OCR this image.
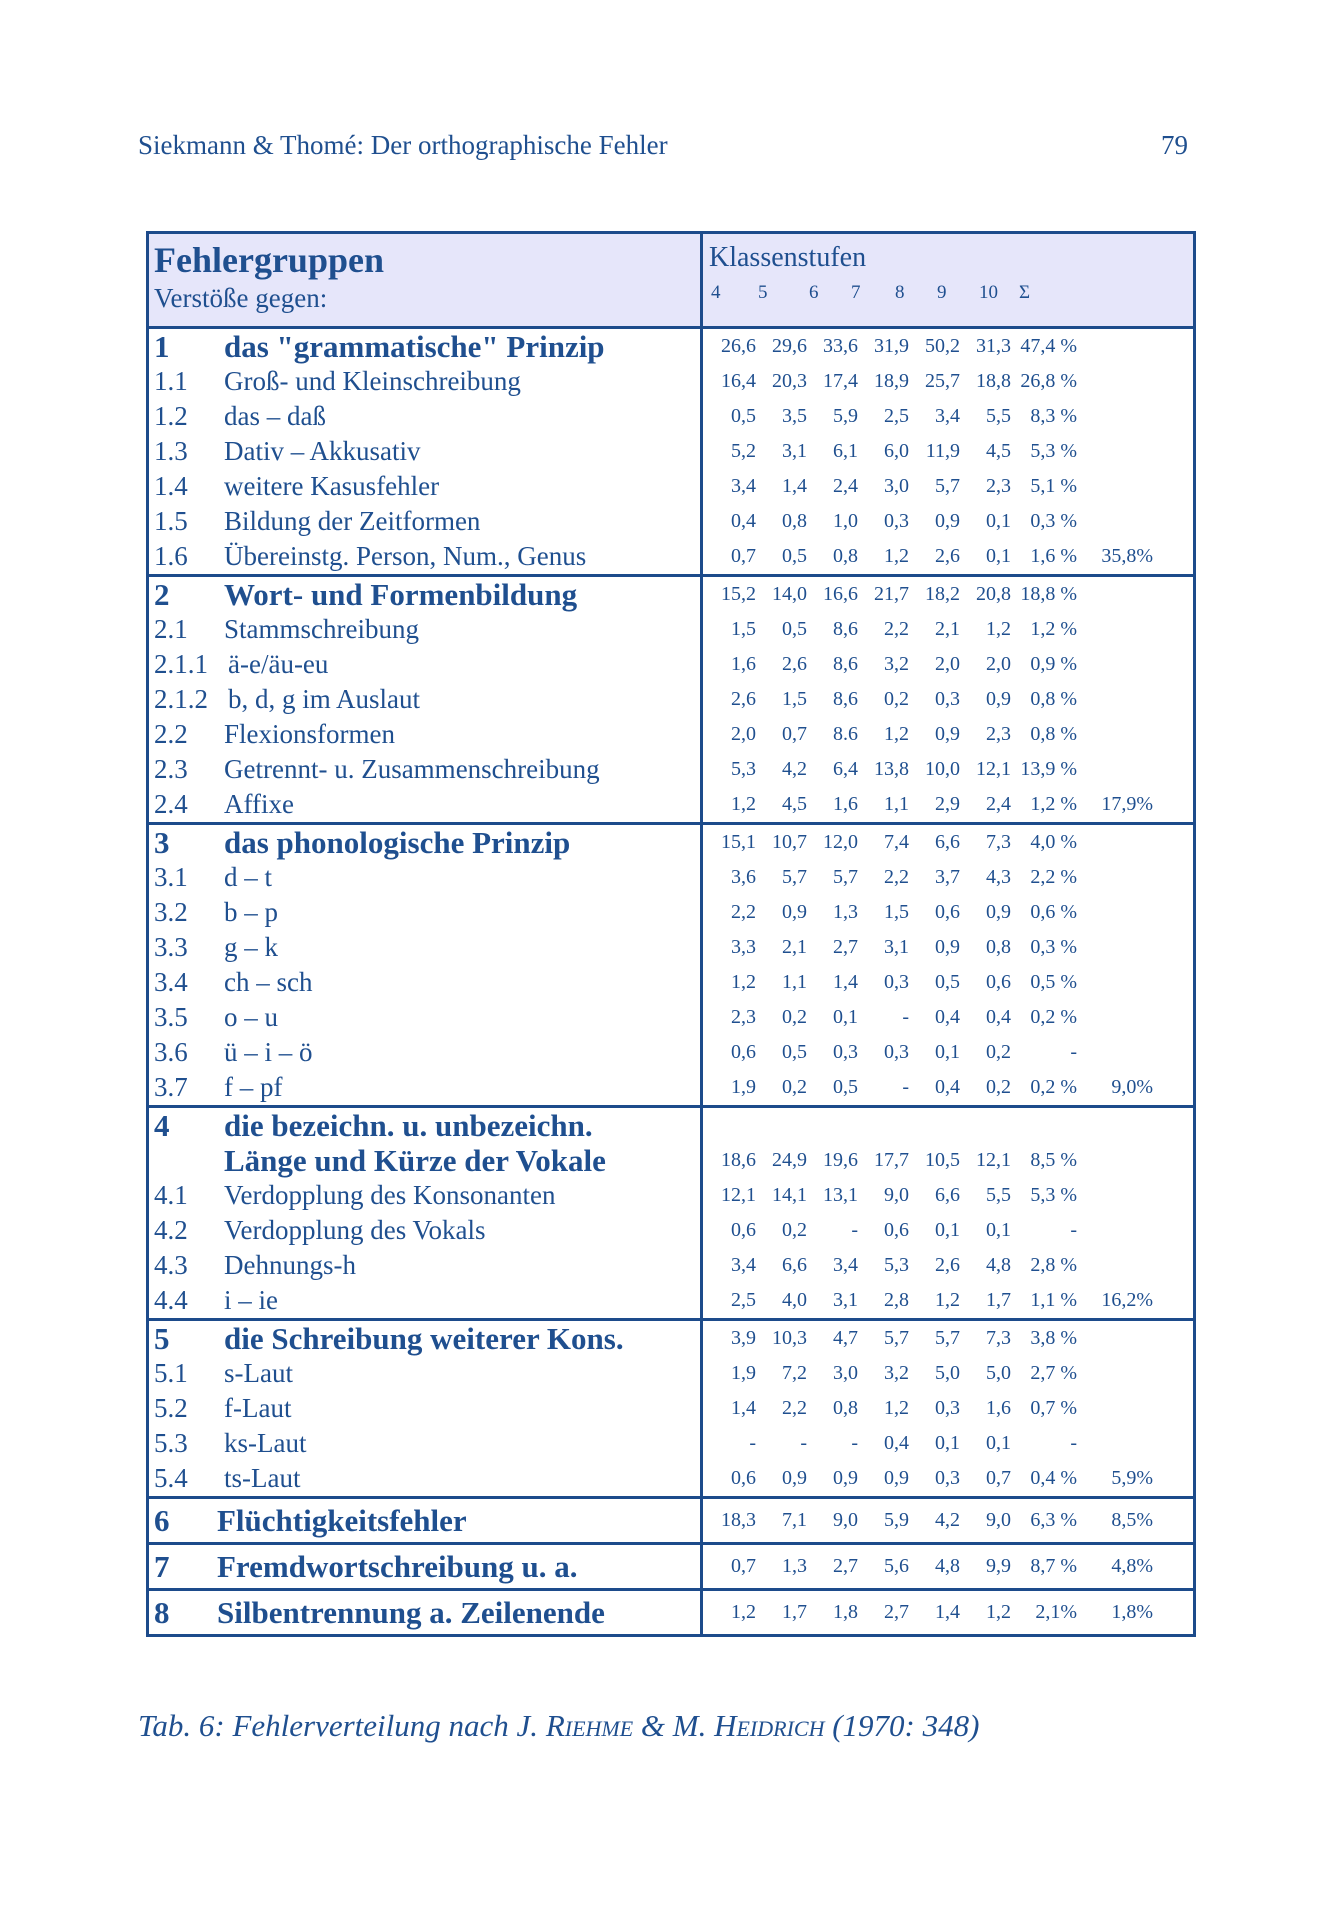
Siekmann & Thomé: Der orthographische Fehler	79
Fehlergruppen
Verstöße gegen:
Klassenstufen
4	5	6	7	8	9	10	Σ
1	das "grammatische" Prinzip	26,6 29,6 33,6 31,9 50,2 31,3 47,4 %
1.1	Groß- und Kleinschreibung	16,4 20,3 17,4 18,9 25,7 18,8 26,8 %
1.2	das – daß	0,5	3,5	5,9	2,5	3,4	5,5 8,3 %
1.3	Dativ – Akkusativ	5,2	3,1	6,1	6,0 11,9	4,5 5,3 %
1.4	weitere Kasusfehler	3,4	1,4	2,4	3,0	5,7	2,3 5,1 %
1.5	Bildung der Zeitformen	0,4	0,8	1,0	0,3	0,9	0,1 0,3 %
1.6	Übereinstg. Person, Num., Genus	0,7	0,5	0,8	1,2	2,6	0,1 1,6 %	35,8%
2	Wort- und Formenbildung	15,2 14,0 16,6 21,7 18,2 20,8 18,8 %
2.1	Stammschreibung	1,5	0,5	8,6	2,2	2,1	1,2 1,2 %
2.1.1 ä-e/äu-eu	1,6	2,6	8,6	3,2	2,0	2,0 0,9 %
2.1.2 b, d, g im Auslaut	2,6	1,5	8,6	0,2	0,3	0,9 0,8 %
2.2	Flexionsformen	2,0	0,7	8.6	1,2	0,9	2,3 0,8 %
2.3	Getrennt- u. Zusammenschreibung	5,3	4,2	6,4 13,8 10,0 12,1 13,9 %
2.4	Affixe	1,2	4,5	1,6	1,1	2,9	2,4 1,2 %	17,9%
3	das phonologische Prinzip	15,1 10,7 12,0	7,4	6,6	7,3 4,0 %
3.1	d – t	3,6	5,7	5,7	2,2	3,7	4,3 2,2 %
3.2	b – p	2,2	0,9	1,3	1,5	0,6	0,9 0,6 %
3.3	g – k	3,3	2,1	2,7	3,1	0,9	0,8 0,3 %
3.4	ch – sch	1,2	1,1	1,4	0,3	0,5	0,6 0,5 %
3.5	o – u	2,3	0,2	0,1	-	0,4	0,4 0,2 %
3.6	ü – i – ö	0,6	0,5	0,3	0,3	0,1	0,2	-
3.7	f – pf	1,9	0,2	0,5	-	0,4	0,2 0,2 %	9,0%
4	die bezeichn. u. unbezeichn.
Länge und Kürze der Vokale	18,6 24,9 19,6 17,7 10,5 12,1 8,5 %
4.1	Verdopplung des Konsonanten	12,1 14,1 13,1	9,0	6,6	5,5 5,3 %
4.2	Verdopplung des Vokals	0,6	0,2	-	0,6	0,1	0,1	-
4.3	Dehnungs-h	3,4	6,6	3,4	5,3	2,6	4,8 2,8 %
4.4	i – ie	2,5	4,0	3,1	2,8	1,2	1,7 1,1 %	16,2%
5	die Schreibung weiterer Kons.	3,9 10,3	4,7	5,7	5,7	7,3 3,8 %
5.1	s-Laut	1,9	7,2	3,0	3,2	5,0	5,0 2,7 %
5.2	f-Laut	1,4	2,2	0,8	1,2	0,3	1,6 0,7 %
5.3	ks-Laut	-	-	-	0,4	0,1	0,1	-
5.4	ts-Laut	0,6	0,9	0,9	0,9	0,3	0,7 0,4 %	5,9%
6	Flüchtigkeitsfehler	18,3	7,1	9,0	5,9	4,2	9,0 6,3 %	8,5%
7	Fremdwortschreibung u. a.	0,7	1,3	2,7	5,6	4,8	9,9 8,7 %	4,8%
8	Silbentrennung a. Zeilenende	1,2	1,7	1,8	2,7	1,4	1,2	2,1%	1,8%
Tab. 6: Fehlerverteilung nach J. Riehme & M. Heidrich (1970: 348)
